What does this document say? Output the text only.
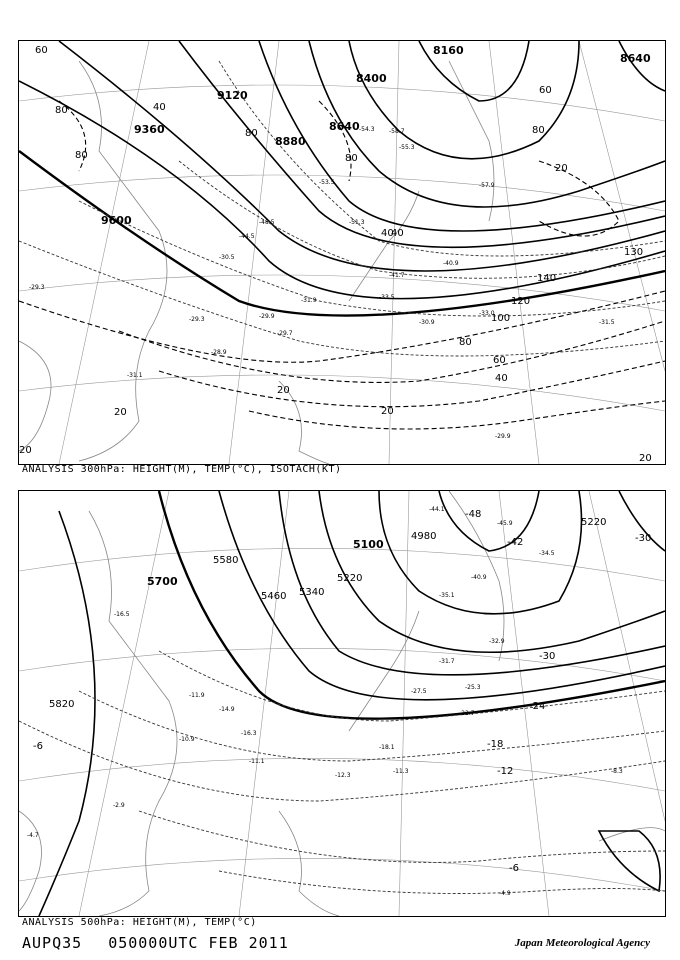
9600
9360
9120
8880
8640
8400
8160
8640
60
80
40
80
80
40
80
20
140
120
100
130
80
60
40
20
20	20
40
20
20
60
80
-29.3
-31.1
-29.3	-29.9
-28.9
-29.7
-30.9
-31.9	-33.5
-33.0
-31.5
-30.5
-44.5
-48.5
-41.7
-40.9
-51.3
-53.5
-55.3
-57.9
-54.3 -58.7
-29.9
ANALYSIS 300hPa: HEIGHT(M), TEMP(°C), ISOTACH(KT)
5700
5820
5580
5460 5340
5220
5100
4980
5220
-6	-18
-24
-30
-42
-48
-30
-12
-6
-16.5
-11.9
-14.9
-10.9
-16.3
-11.1
-12.3
-11.3
-18.1
-22.7
-25.3
-27.5
-31.7
-32.9
-35.1
-40.9
-44.1
-45.9
-34.5
-8.3
-4.7
-2.9
-4.9
ANALYSIS 500hPa: HEIGHT(M), TEMP(°C)
AUPQ35 050000UTC FEB 2011	Japan Meteorological Agency
